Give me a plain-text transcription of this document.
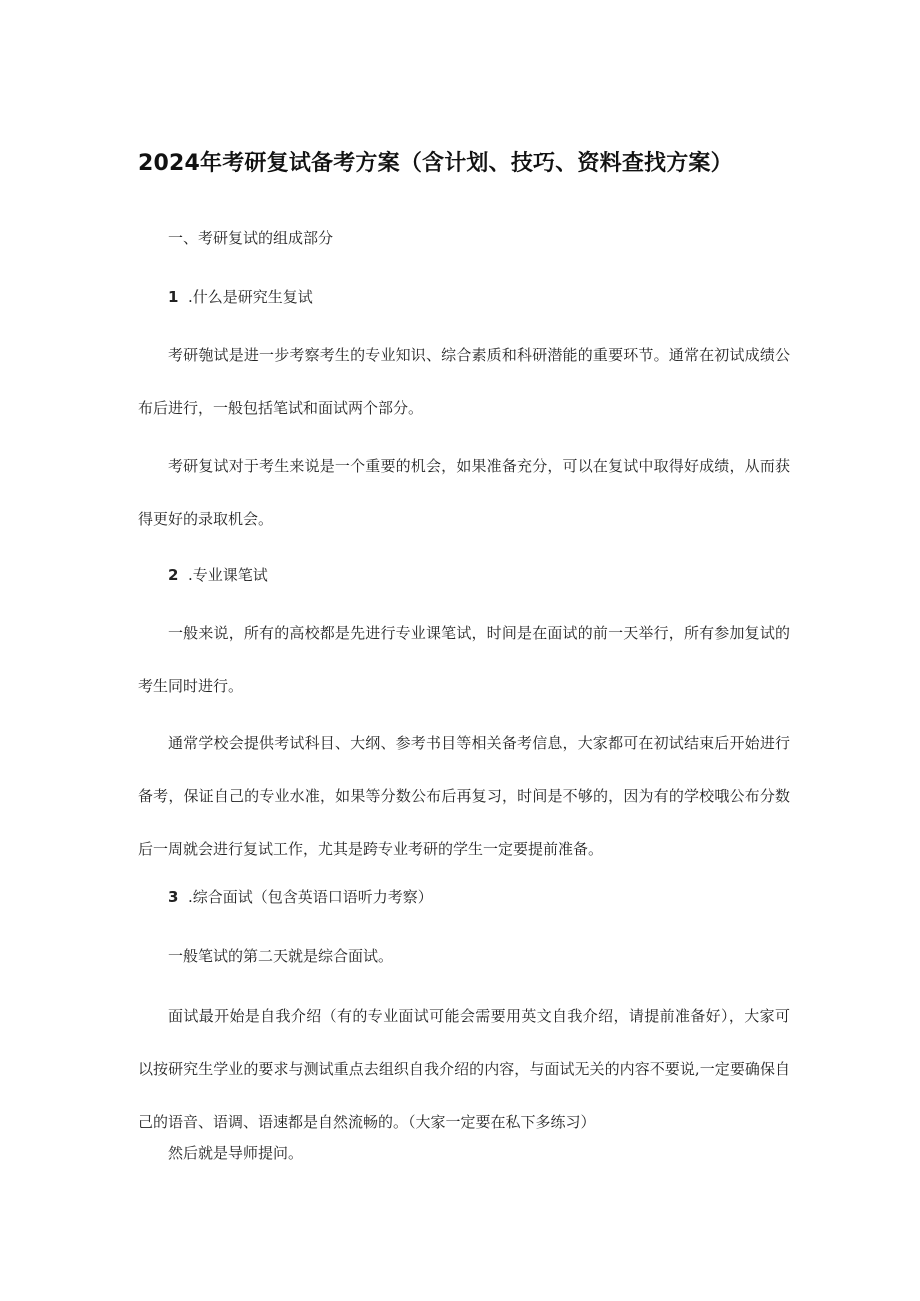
2024年考研复试备考方案（含计划、技巧、资料查找方案）
一、考研复试的组成部分
1 .什么是研究生复试

考研匏试是进一步考察考生的专业知识、综合素质和科研潜能的重要环节。通常在初试成绩公布后进行，一般包括笔试和面试两个部分。

考研复试对于考生来说是一个重要的机会，如果准备充分，可以在复试中取得好成绩，从而获得更好的录取机会。

2 .专业课笔试

一般来说，所有的高校都是先进行专业课笔试，时间是在面试的前一天举行，所有参加复试的考生同时进行。

通常学校会提供考试科目、大纲、参考书目等相关备考信息，大家都可在初试结束后开始进行备考，保证自己的专业水准，如果等分数公布后再复习，时间是不够的，因为有的学校哦公布分数后一周就会进行复试工作，尤其是跨专业考研的学生一定要提前准备。

3 .综合面试（包含英语口语听力考察）
一般笔试的第二天就是综合面试。

面试最开始是自我介绍（有的专业面试可能会需要用英文自我介绍，请提前准备好），大家可以按研究生学业的要求与测试重点去组织自我介绍的内容，与面试无关的内容不要说,一定要确保自己的语音、语调、语速都是自然流畅的。（大家一定要在私下多练习）

然后就是导师提问。
